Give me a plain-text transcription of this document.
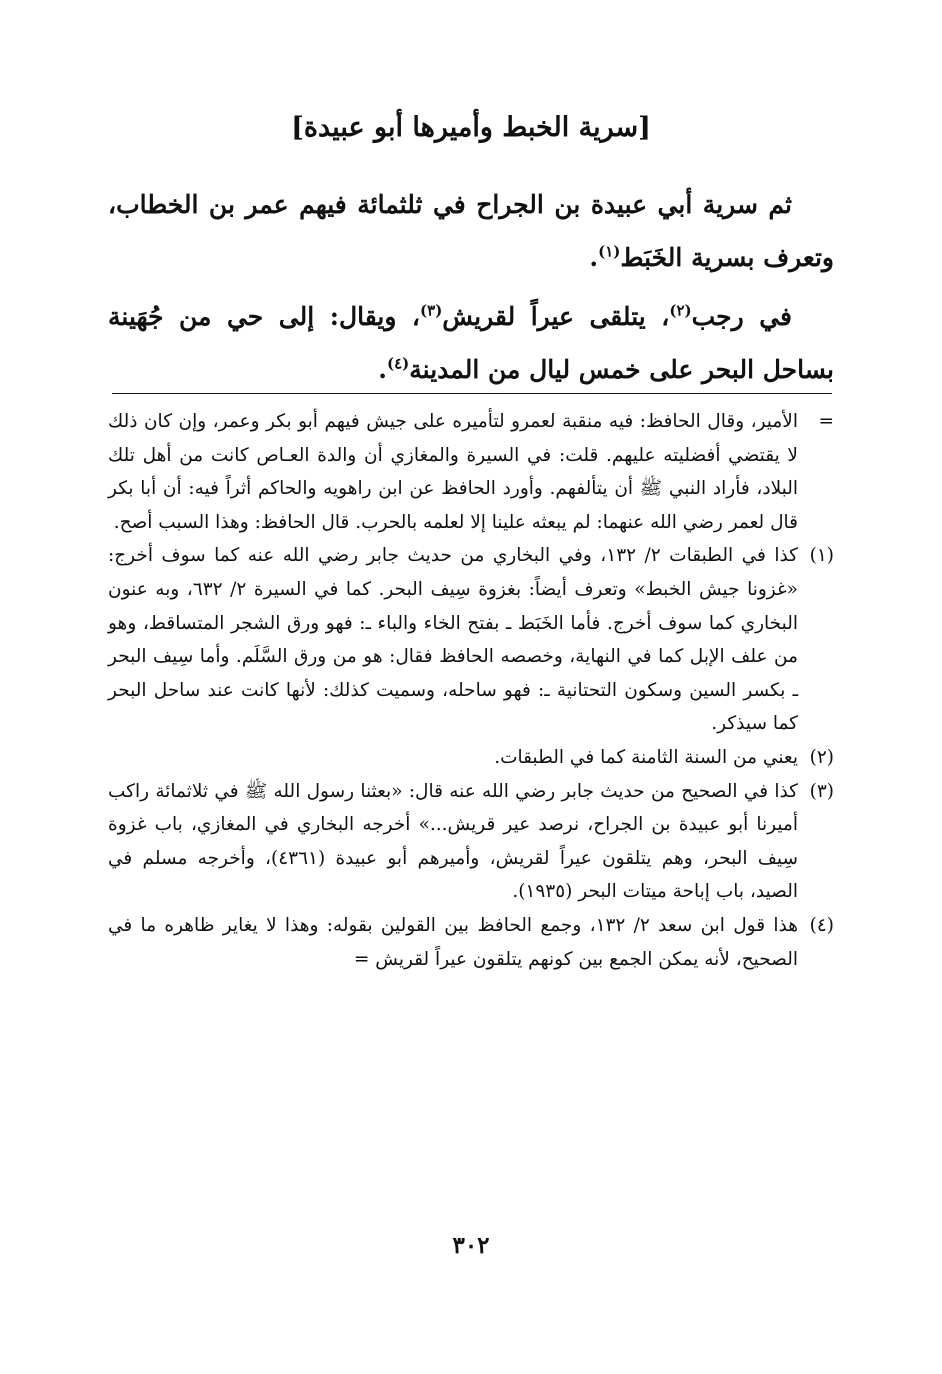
[سرية الخبط وأميرها أبو عبيدة]

ثم سرية أبي عبيدة بن الجراح في ثلثمائة فيهم عمر بن الخطاب، وتعرف بسرية الخَبَط$^{(١)}$.

في رجب$^{(٢)}$، يتلقى عيراً لقريش$^{(٣)}$، ويقال: إلى حي من جُهَينة بساحل البحر على خمس ليال من المدينة$^{(٤)}$.

=
الأمير، وقال الحافظ: فيه منقبة لعمرو لتأميره على جيش فيهم أبو بكر وعمر، وإن كان ذلك لا يقتضي أفضليته عليهم. قلت: في السيرة والمغازي أن والدة العـاص كانت من أهل تلك البلاد، فأراد النبي ﷺ أن يتألفهم. وأورد الحافظ عن ابن راهويه والحاكم أثراً فيه: أن أبا بكر قال لعمر رضي الله عنهما: لم يبعثه علينا إلا لعلمه بالحرب. قال الحافظ: وهذا السبب أصح.
(١)
كذا في الطبقات ٢/ ١٣٢، وفي البخاري من حديث جابر رضي الله عنه كما سوف أخرج: «غزونا جيش الخبط» وتعرف أيضاً: بغزوة سِيف البحر. كما في السيرة ٢/ ٦٣٢، وبه عنون البخاري كما سوف أخرج. فأما الخَبَط ـ بفتح الخاء والباء ـ: فهو ورق الشجر المتساقط، وهو من علف الإبل كما في النهاية، وخصصه الحافظ فقال: هو من ورق السَّلَم. وأما سِيف البحر ـ بكسر السين وسكون التحتانية ـ: فهو ساحله، وسميت كذلك: لأنها كانت عند ساحل البحر كما سيذكر.
(٢)
يعني من السنة الثامنة كما في الطبقات.
(٣)
كذا في الصحيح من حديث جابر رضي الله عنه قال: «بعثنا رسول الله ﷺ في ثلاثمائة راكب أميرنا أبو عبيدة بن الجراح، نرصد عير قريش...» أخرجه البخاري في المغازي، باب غزوة سِيف البحر، وهم يتلقون عيراً لقريش، وأميرهم أبو عبيدة (٤٣٦١)، وأخرجه مسلم في الصيد، باب إباحة ميتات البحر (١٩٣٥).
(٤)
هذا قول ابن سعد ٢/ ١٣٢، وجمع الحافظ بين القولين بقوله: وهذا لا يغاير ظاهره ما في الصحيح، لأنه يمكن الجمع بين كونهم يتلقون عيراً لقريش =
٣٠٢
